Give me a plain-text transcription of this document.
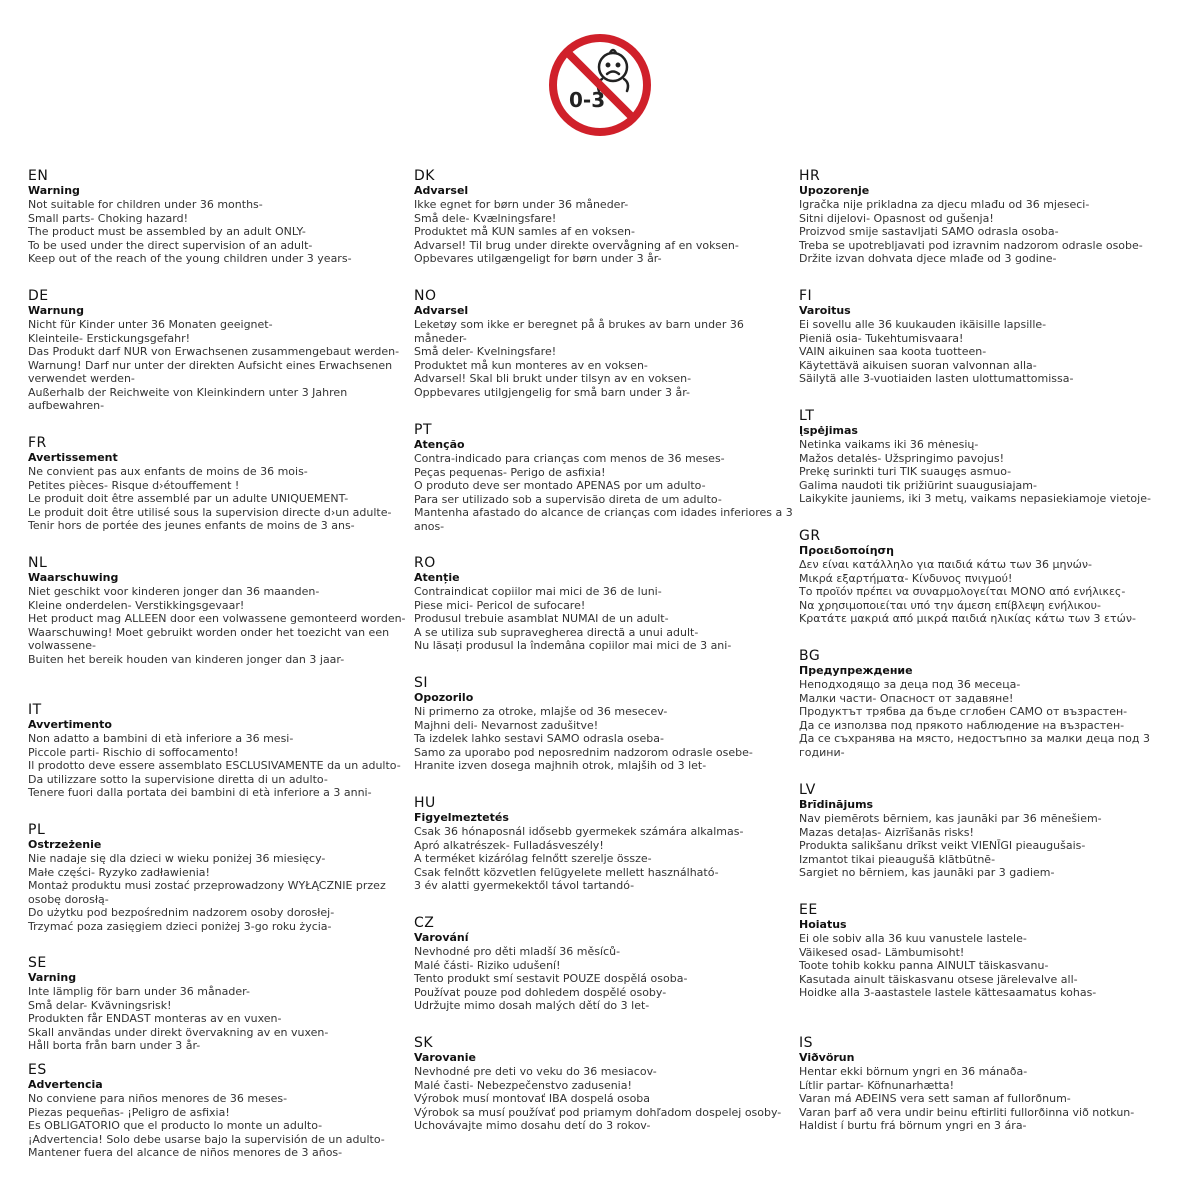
0-3
EN
Warning
Not suitable for children under 36 months-
Small parts- Choking hazard!
The product must be assembled by an adult ONLY-
To be used under the direct supervision of an adult-
Keep out of the reach of the young children under 3 years-
DE
Warnung
Nicht für Kinder unter 36 Monaten geeignet-
Kleinteile- Erstickungsgefahr!
Das Produkt darf NUR von Erwachsenen zusammengebaut werden-
Warnung! Darf nur unter der direkten Aufsicht eines Erwachsenen verwendet werden-
Außerhalb der Reichweite von Kleinkindern unter 3 Jahren aufbewahren-
FR
Avertissement
Ne convient pas aux enfants de moins de 36 mois-
Petites pièces- Risque d›étouffement !
Le produit doit être assemblé par un adulte UNIQUEMENT-
Le produit doit être utilisé sous la supervision directe d›un adulte-
Tenir hors de portée des jeunes enfants de moins de 3 ans-
NL
Waarschuwing
Niet geschikt voor kinderen jonger dan 36 maanden-
Kleine onderdelen- Verstikkingsgevaar!
Het product mag ALLEEN door een volwassene gemonteerd worden-
Waarschuwing! Moet gebruikt worden onder het toezicht van een volwassene-
Buiten het bereik houden van kinderen jonger dan 3 jaar-
IT
Avvertimento
Non adatto a bambini di età inferiore a 36 mesi-
Piccole parti- Rischio di soffocamento!
Il prodotto deve essere assemblato ESCLUSIVAMENTE da un adulto-
Da utilizzare sotto la supervisione diretta di un adulto-
Tenere fuori dalla portata dei bambini di età inferiore a 3 anni-
PL
Ostrzeżenie
Nie nadaje się dla dzieci w wieku poniżej 36 miesięcy-
Małe części- Ryzyko zadławienia!
Montaż produktu musi zostać przeprowadzony WYŁĄCZNIE przez osobę dorosłą-
Do użytku pod bezpośrednim nadzorem osoby dorosłej-
Trzymać poza zasięgiem dzieci poniżej 3-go roku życia-
SE
Varning
Inte lämplig för barn under 36 månader-
Små delar- Kvävningsrisk!
Produkten får ENDAST monteras av en vuxen-
Skall användas under direkt övervakning av en vuxen-
Håll borta från barn under 3 år-
ES
Advertencia
No conviene para niños menores de 36 meses-
Piezas pequeñas- ¡Peligro de asfixia!
Es OBLIGATORIO que el producto lo monte un adulto-
¡Advertencia! Solo debe usarse bajo la supervisión de un adulto-
Mantener fuera del alcance de niños menores de 3 años-
DK
Advarsel
Ikke egnet for børn under 36 måneder-
Små dele- Kvælningsfare!
Produktet må KUN samles af en voksen-
Advarsel! Til brug under direkte overvågning af en voksen-
Opbevares utilgængeligt for børn under 3 år-
NO
Advarsel
Leketøy som ikke er beregnet på å brukes av barn under 36 måneder-
Små deler- Kvelningsfare!
Produktet må kun monteres av en voksen-
Advarsel! Skal bli brukt under tilsyn av en voksen-
Oppbevares utilgjengelig for små barn under 3 år-
PT
Atenção
Contra-indicado para crianças com menos de 36 meses-
Peças pequenas- Perigo de asfixia!
O produto deve ser montado APENAS por um adulto-
Para ser utilizado sob a supervisão direta de um adulto-
Mantenha afastado do alcance de crianças com idades inferiores a 3 anos-
RO
Atenție
Contraindicat copiilor mai mici de 36 de luni-
Piese mici- Pericol de sufocare!
Produsul trebuie asamblat NUMAI de un adult-
A se utiliza sub supravegherea directă a unui adult-
Nu lăsați produsul la îndemâna copiilor mai mici de 3 ani-
SI
Opozorilo
Ni primerno za otroke, mlajše od 36 mesecev-
Majhni deli- Nevarnost zadušitve!
Ta izdelek lahko sestavi SAMO odrasla oseba-
Samo za uporabo pod neposrednim nadzorom odrasle osebe-
Hranite izven dosega majhnih otrok, mlajših od 3 let-
HU
Figyelmeztetés
Csak 36 hónaposnál idősebb gyermekek számára alkalmas-
Apró alkatrészek- Fulladásveszély!
A terméket kizárólag felnőtt szerelje össze-
Csak felnőtt közvetlen felügyelete mellett használható-
3 év alatti gyermekektől távol tartandó-
CZ
Varování
Nevhodné pro děti mladší 36 měsíců-
Malé části- Riziko udušení!
Tento produkt smí sestavit POUZE dospělá osoba-
Používat pouze pod dohledem dospělé osoby-
Udržujte mimo dosah malých dětí do 3 let-
SK
Varovanie
Nevhodné pre deti vo veku do 36 mesiacov-
Malé časti- Nebezpečenstvo zadusenia!
Výrobok musí montovať IBA dospelá osoba
Výrobok sa musí používať pod priamym dohľadom dospelej osoby-
Uchovávajte mimo dosahu detí do 3 rokov-
HR
Upozorenje
Igračka nije prikladna za djecu mlađu od 36 mjeseci-
Sitni dijelovi- Opasnost od gušenja!
Proizvod smije sastavljati SAMO odrasla osoba-
Treba se upotrebljavati pod izravnim nadzorom odrasle osobe-
Držite izvan dohvata djece mlađe od 3 godine-
FI
Varoitus
Ei sovellu alle 36 kuukauden ikäisille lapsille-
Pieniä osia- Tukehtumisvaara!
VAIN aikuinen saa koota tuotteen-
Käytettävä aikuisen suoran valvonnan alla-
Säilytä alle 3-vuotiaiden lasten ulottumattomissa-
LT
Įspėjimas
Netinka vaikams iki 36 mėnesių-
Mažos detalės- Užspringimo pavojus!
Prekę surinkti turi TIK suaugęs asmuo-
Galima naudoti tik prižiūrint suaugusiajam-
Laikykite jauniems, iki 3 metų, vaikams nepasiekiamoje vietoje-
GR
Προειδοποίηση
Δεν είναι κατάλληλο για παιδιά κάτω των 36 μηνών-
Μικρά εξαρτήματα- Κίνδυνος πνιγμού!
Το προϊόν πρέπει να συναρμολογείται ΜΟΝΟ από ενήλικες-
Να χρησιμοποιείται υπό την άμεση επίβλεψη ενήλικου-
Κρατάτε μακριά από μικρά παιδιά ηλικίας κάτω των 3 ετών-
BG
Предупреждение
Неподходящо за деца под 36 месеца-
Малки части- Опасност от задавяне!
Продуктът трябва да бъде сглобен САМО от възрастен-
Да се използва под прякото наблюдение на възрастен-
Да се съхранява на място, недостъпно за малки деца под 3 години-
LV
Brīdinājums
Nav piemērots bērniem, kas jaunāki par 36 mēnešiem-
Mazas detaļas- Aizrīšanās risks!
Produkta salikšanu drīkst veikt VIENĪGI pieaugušais-
Izmantot tikai pieaugušā klātbūtnē-
Sargiet no bērniem, kas jaunāki par 3 gadiem-
EE
Hoiatus
Ei ole sobiv alla 36 kuu vanustele lastele-
Väikesed osad- Lämbumisoht!
Toote tohib kokku panna AINULT täiskasvanu-
Kasutada ainult täiskasvanu otsese järelevalve all-
Hoidke alla 3-aastastele lastele kättesaamatus kohas-
IS
Viðvörun
Hentar ekki börnum yngri en 36 mánaða-
Lítlir partar- Köfnunarhætta!
Varan má AÐEINS vera sett saman af fullorðnum-
Varan þarf að vera undir beinu eftirliti fullorðinna við notkun-
Haldist í burtu frá börnum yngri en 3 ára-
